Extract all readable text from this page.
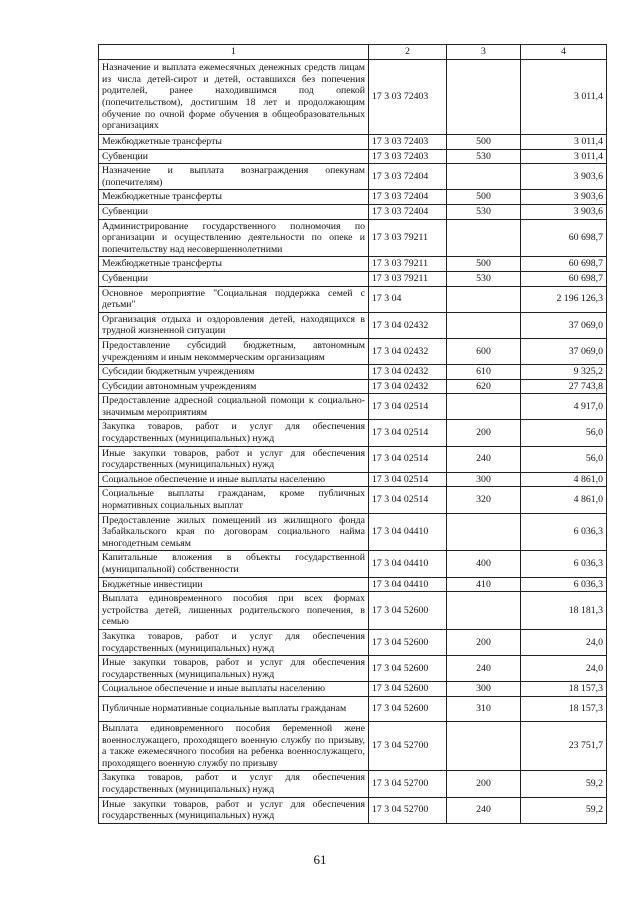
1	2	3	4
Назначение и выплата ежемесячных денежных средств лицам из числа детей-сирот и детей, оставшихся без попечения родителей, ранее находившимся под опекой (попечительством), достигшим 18 лет и продолжающим обучение по очной форме обучения в общеобразовательных организациях	17 3 03 72403		3 011,4
Межбюджетные трансферты	17 3 03 72403	500	3 011,4
Субвенции	17 3 03 72403	530	3 011,4
Назначение и выплата вознаграждения опекунам (попечителям)	17 3 03 72404		3 903,6
Межбюджетные трансферты	17 3 03 72404	500	3 903,6
Субвенции	17 3 03 72404	530	3 903,6
Администрирование государственного полномочия по организации и осуществлению деятельности по опеке и попечительству над несовершеннолетними	17 3 03 79211		60 698,7
Межбюджетные трансферты	17 3 03 79211	500	60 698,7
Субвенции	17 3 03 79211	530	60 698,7
Основное мероприятие "Социальная поддержка семей с детьми"	17 3 04		2 196 126,3
Организация отдыха и оздоровления детей, находящихся в трудной жизненной ситуации	17 3 04 02432		37 069,0
Предоставление субсидий бюджетным, автономным учреждениям и иным некоммерческим организациям	17 3 04 02432	600	37 069,0
Субсидии бюджетным учреждениям	17 3 04 02432	610	9 325,2
Субсидии автономным учреждениям	17 3 04 02432	620	27 743,8
Предоставление адресной социальной помощи к социально-значимым мероприятиям	17 3 04 02514		4 917,0
Закупка товаров, работ и услуг для обеспечения государственных (муниципальных) нужд	17 3 04 02514	200	56,0
Иные закупки товаров, работ и услуг для обеспечения государственных (муниципальных) нужд	17 3 04 02514	240	56,0
Социальное обеспечение и иные выплаты населению	17 3 04 02514	300	4 861,0
Социальные выплаты гражданам, кроме публичных нормативных социальных выплат	17 3 04 02514	320	4 861,0
Предоставление жилых помещений из жилищного фонда Забайкальского края по договорам социального найма многодетным семьям	17 3 04 04410		6 036,3
Капитальные вложения в объекты государственной (муниципальной) собственности	17 3 04 04410	400	6 036,3
Бюджетные инвестиции	17 3 04 04410	410	6 036,3
Выплата единовременного пособия при всех формах устройства детей, лишенных родительского попечения, в семью	17 3 04 52600		18 181,3
Закупка товаров, работ и услуг для обеспечения государственных (муниципальных) нужд	17 3 04 52600	200	24,0
Иные закупки товаров, работ и услуг для обеспечения государственных (муниципальных) нужд	17 3 04 52600	240	24,0
Социальное обеспечение и иные выплаты населению	17 3 04 52600	300	18 157,3
Публичные нормативные социальные выплаты гражданам	17 3 04 52600	310	18 157,3
Выплата единовременного пособия беременной жене военнослужащего, проходящего военную службу по призыву, а также ежемесячного пособия на ребенка военнослужащего, проходящего военную службу по призыву	17 3 04 52700		23 751,7
Закупка товаров, работ и услуг для обеспечения государственных (муниципальных) нужд	17 3 04 52700	200	59,2
Иные закупки товаров, работ и услуг для обеспечения государственных (муниципальных) нужд	17 3 04 52700	240	59,2
61
